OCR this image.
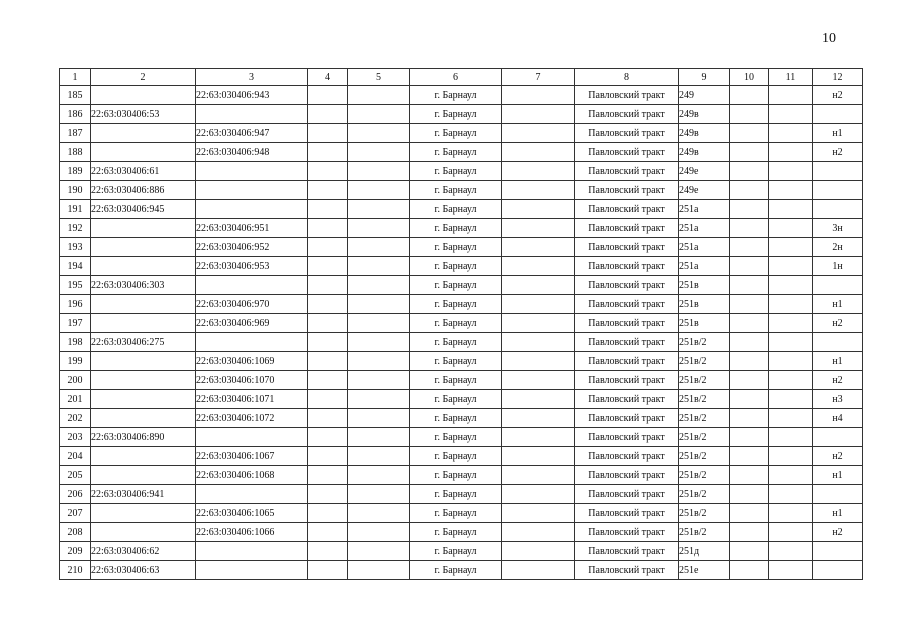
10
1	2	3	4	5	6	7	8	9	10	11	12
185		22:63:030406:943			г. Барнаул		Павловский тракт	249			н2
186	22:63:030406:53				г. Барнаул		Павловский тракт	249в			
187		22:63:030406:947			г. Барнаул		Павловский тракт	249в			н1
188		22:63:030406:948			г. Барнаул		Павловский тракт	249в			н2
189	22:63:030406:61				г. Барнаул		Павловский тракт	249е			
190	22:63:030406:886				г. Барнаул		Павловский тракт	249е			
191	22:63:030406:945				г. Барнаул		Павловский тракт	251а			
192		22:63:030406:951			г. Барнаул		Павловский тракт	251а			3н
193		22:63:030406:952			г. Барнаул		Павловский тракт	251а			2н
194		22:63:030406:953			г. Барнаул		Павловский тракт	251а			1н
195	22:63:030406:303				г. Барнаул		Павловский тракт	251в			
196		22:63:030406:970			г. Барнаул		Павловский тракт	251в			н1
197		22:63:030406:969			г. Барнаул		Павловский тракт	251в			н2
198	22:63:030406:275				г. Барнаул		Павловский тракт	251в/2			
199		22:63:030406:1069			г. Барнаул		Павловский тракт	251в/2			н1
200		22:63:030406:1070			г. Барнаул		Павловский тракт	251в/2			н2
201		22:63:030406:1071			г. Барнаул		Павловский тракт	251в/2			н3
202		22:63:030406:1072			г. Барнаул		Павловский тракт	251в/2			н4
203	22:63:030406:890				г. Барнаул		Павловский тракт	251в/2			
204		22:63:030406:1067			г. Барнаул		Павловский тракт	251в/2			н2
205		22:63:030406:1068			г. Барнаул		Павловский тракт	251в/2			н1
206	22:63:030406:941				г. Барнаул		Павловский тракт	251в/2			
207		22:63:030406:1065			г. Барнаул		Павловский тракт	251в/2			н1
208		22:63:030406:1066			г. Барнаул		Павловский тракт	251в/2			н2
209	22:63:030406:62				г. Барнаул		Павловский тракт	251д			
210	22:63:030406:63				г. Барнаул		Павловский тракт	251е			
